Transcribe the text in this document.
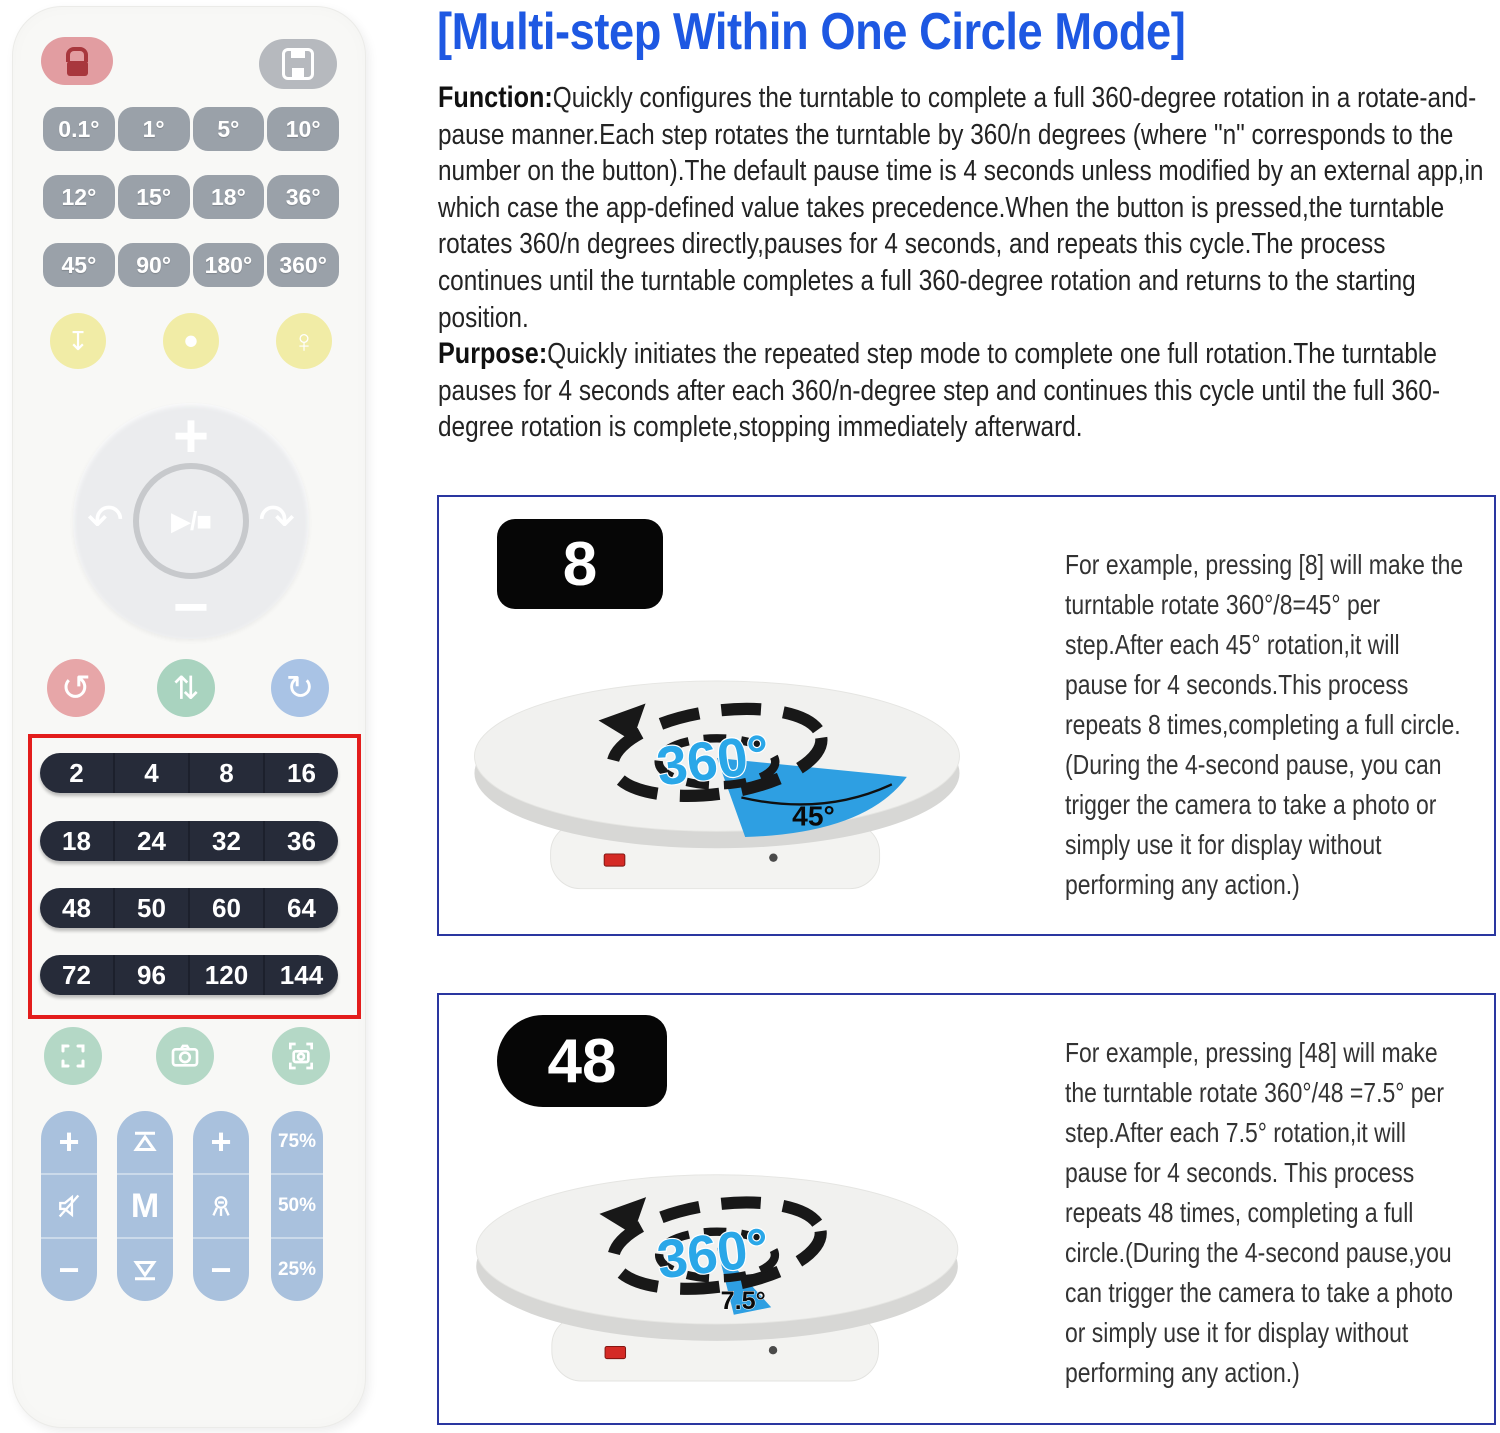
0.1°	1°	5°	10°
12°	15°	18°	36°
45°	90°	180°	360°
↧ •	♀
+
↶ ▶/■ ↷
−
↺	⇅	↻
2	4	8	16
18	24	32	36
48	50	60	64
72	96	120	144
+
−
M
+
−
75%
50%
25%
[Multi-step Within One Circle Mode]

Function:Quickly configures the turntable to complete a full 360-degree rotation in a rotate-and-pause manner.Each step rotates the turntable by 360/n degrees (where "n" corresponds to the number on the button).The default pause time is 4 seconds unless modified by an external app,in which case the app-defined value takes precedence.When the button is pressed,the turntable rotates 360/n degrees directly,pauses for 4 seconds, and repeats this cycle.The process continues until the turntable completes a full 360-degree rotation and returns to the starting position.

Purpose:Quickly initiates the repeated step mode to complete one full rotation.The turntable pauses for 4 seconds after each 360/n-degree step and continues this cycle until the full 360-degree rotation is complete,stopping immediately afterward.

8
45°
360°
For example, pressing [8] will make the turntable rotate 360°/8=45° per step.After each 45° rotation,it will pause for 4 seconds.This process repeats 8 times,completing a full circle.(During the 4-second pause, you can trigger the camera to take a photo or simply use it for display without performing any action.)
48
7.5°
360°
For example, pressing [48] will make the turntable rotate 360°/48 =7.5° per step.After each 7.5° rotation,it will pause for 4 seconds. This process repeats 48 times, completing a full circle.(During the 4-second pause,you can trigger the camera to take a photo or simply use it for display without performing any action.)
